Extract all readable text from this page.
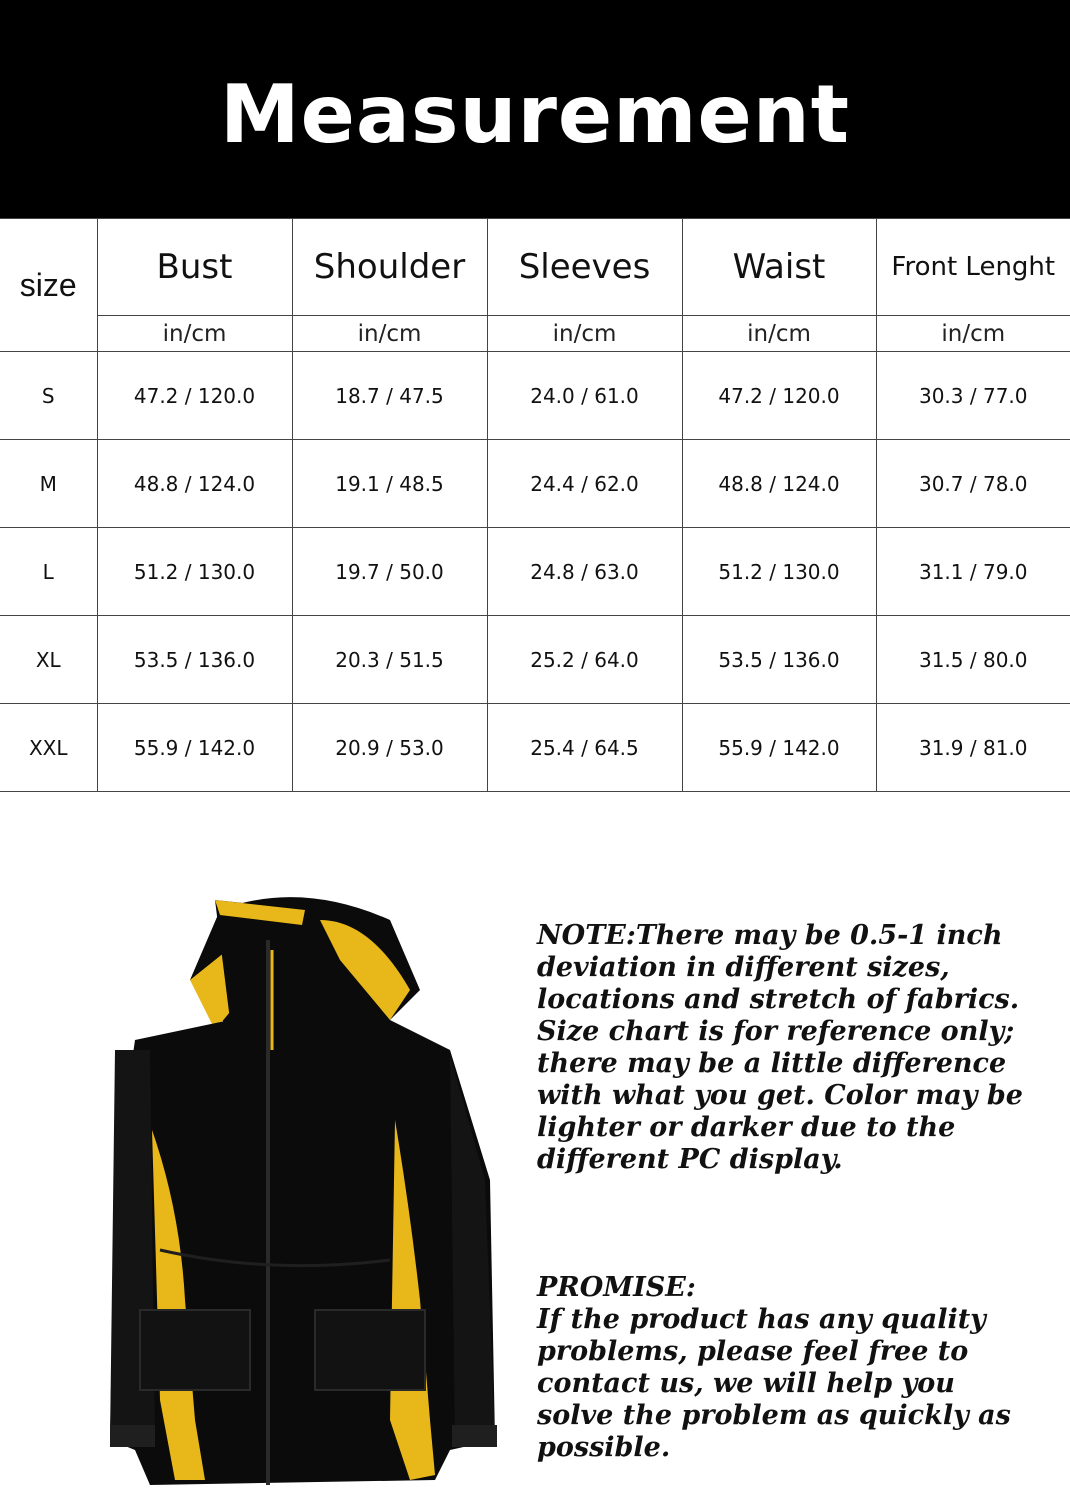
Measurement
size	Bust	Shoulder	Sleeves	Waist	Front Lenght
	in/cm	in/cm	in/cm	in/cm	in/cm
S	47.2 / 120.0	18.7 / 47.5	24.0 / 61.0	47.2 / 120.0	30.3 / 77.0
M	48.8 / 124.0	19.1 / 48.5	24.4 / 62.0	48.8 / 124.0	30.7 / 78.0
L	51.2 / 130.0	19.7 / 50.0	24.8 / 63.0	51.2 / 130.0	31.1 / 79.0
XL	53.5 / 136.0	20.3 / 51.5	25.2 / 64.0	53.5 / 136.0	31.5 / 80.0
XXL	55.9 / 142.0	20.9 / 53.0	25.4 / 64.5	55.9 / 142.0	31.9 / 81.0
NOTE:There may be 0.5-1 inch deviation in different sizes, locations and stretch of fabrics. Size chart is for reference only; there may be a little difference with what you get. Color may be lighter or darker due to the different PC display.
PROMISE:
If the product has any quality problems, please feel free to contact us, we will help you solve the problem as quickly as possible.
